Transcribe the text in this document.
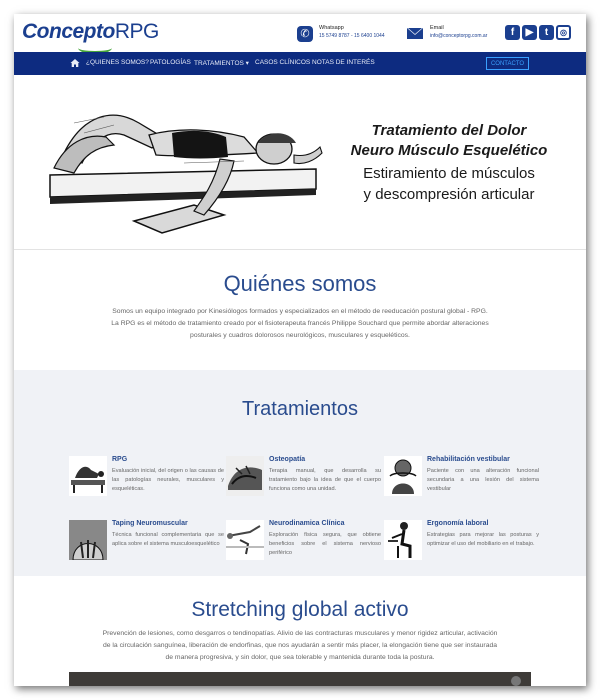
ConceptoRPG	✆	Whatsapp
15 5749 8787 - 15 6400 1044
Email
info@conceptorpg.com.ar	f	▶	t	◎
¿QUIENES SOMOS? PATOLOGÍAS TRATAMIENTOS ▾ CASOS CLÍNICOS NOTAS DE INTERÉS	CONTACTO
Tratamiento del Dolor
Neuro Músculo Esquelético
Estiramiento de músculos
y descompresión articular
Quiénes somos
Somos un equipo integrado por Kinesiólogos formados y especializados en el método de reeducación postural global - RPG.
La RPG es el método de tratamiento creado por el fisioterapeuta francés Philippe Souchard que permite abordar alteraciones
posturales y cuadros dolorosos neurológicos, musculares y esqueléticos.
Tratamientos
RPG
Evaluación inicial, del origen o las causas de las patologías neurales, musculares y esqueléticas.
Osteopatía
Terapia manual, que desarrolla su tratamiento bajo la idea de que el cuerpo funciona como una unidad.
Rehabilitación vestibular
Paciente con una alteración funcional secundaria a una lesión del sistema vestibular
Taping Neuromuscular
Técnica funcional complementaria que se aplica sobre el sistema musculoesquelético
Neurodinamica Clínica
Exploración física segura, que obtiene beneficios sobre el sistema nervioso periférico
Ergonomía laboral
Estrategias para mejorar las posturas y optimizar el uso del mobiliario en el trabajo.
Stretching global activo
Prevención de lesiones, como desgarros o tendinopatías. Alivio de las contracturas musculares y menor rigidez articular, activación
de la circulación sanguínea, liberación de endorfinas, que nos ayudarán a sentir más placer, la elongación tiene que ser instaurada
de manera progresiva, y sin dolor, que sea tolerable y mantenida durante toda la postura.
